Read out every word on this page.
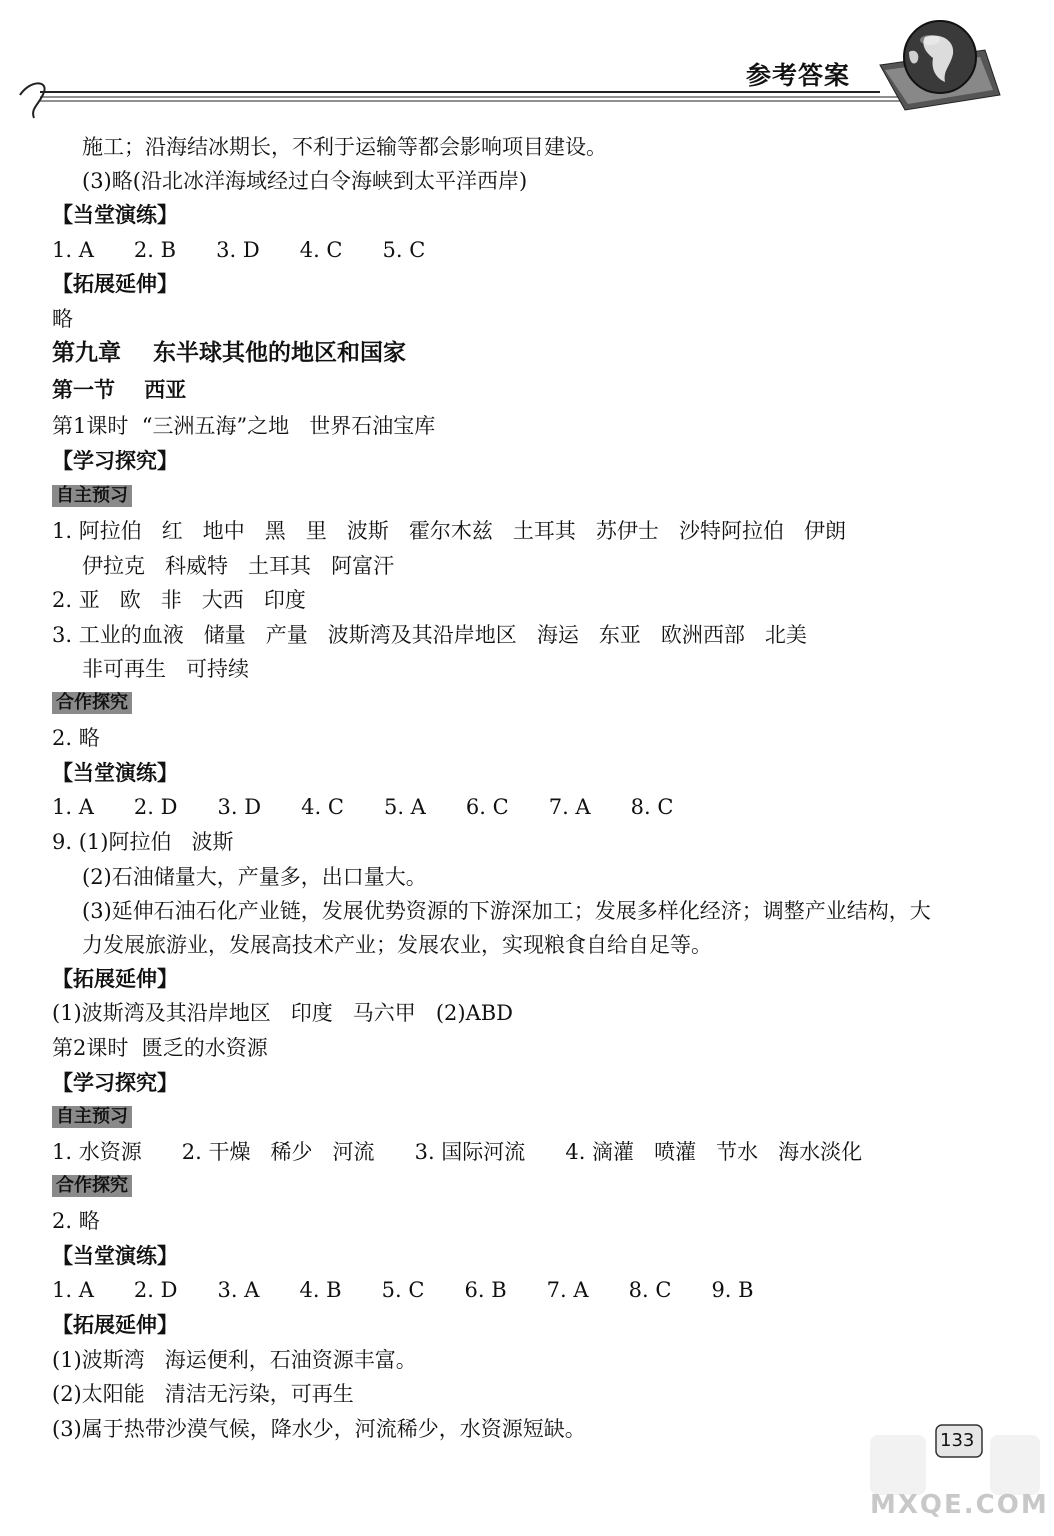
参考答案
施工；沿海结冰期长，不利于运输等都会影响项目建设。
(3)略(沿北冰洋海域经过白令海峡到太平洋西岸)
【当堂演练】
1. A      2. B      3. D      4. C      5. C
【拓展延伸】
略
第九章    东半球其他的地区和国家
第一节    西亚
第1课时  “三洲五海”之地   世界石油宝库
【学习探究】
自主预习
1. 阿拉伯   红   地中   黑   里   波斯   霍尔木兹   土耳其   苏伊士   沙特阿拉伯   伊朗
伊拉克   科威特   土耳其   阿富汗
2. 亚   欧   非   大西   印度
3. 工业的血液   储量   产量   波斯湾及其沿岸地区   海运   东亚   欧洲西部   北美
非可再生   可持续
合作探究
2. 略
【当堂演练】
1. A      2. D      3. D      4. C      5. A      6. C      7. A      8. C
9. (1)阿拉伯   波斯
(2)石油储量大，产量多，出口量大。
(3)延伸石油石化产业链，发展优势资源的下游深加工；发展多样化经济；调整产业结构，大
力发展旅游业，发展高技术产业；发展农业，实现粮食自给自足等。
【拓展延伸】
(1)波斯湾及其沿岸地区   印度   马六甲   (2)ABD
第2课时  匮乏的水资源
【学习探究】
自主预习
1. 水资源      2. 干燥   稀少   河流      3. 国际河流      4. 滴灌   喷灌   节水   海水淡化
合作探究
2. 略
【当堂演练】
1. A      2. D      3. A      4. B      5. C      6. B      7. A      8. C      9. B
【拓展延伸】
(1)波斯湾   海运便利，石油资源丰富。
(2)太阳能   清洁无污染，可再生
(3)属于热带沙漠气候，降水少，河流稀少，水资源短缺。	133
MXQE.COM
